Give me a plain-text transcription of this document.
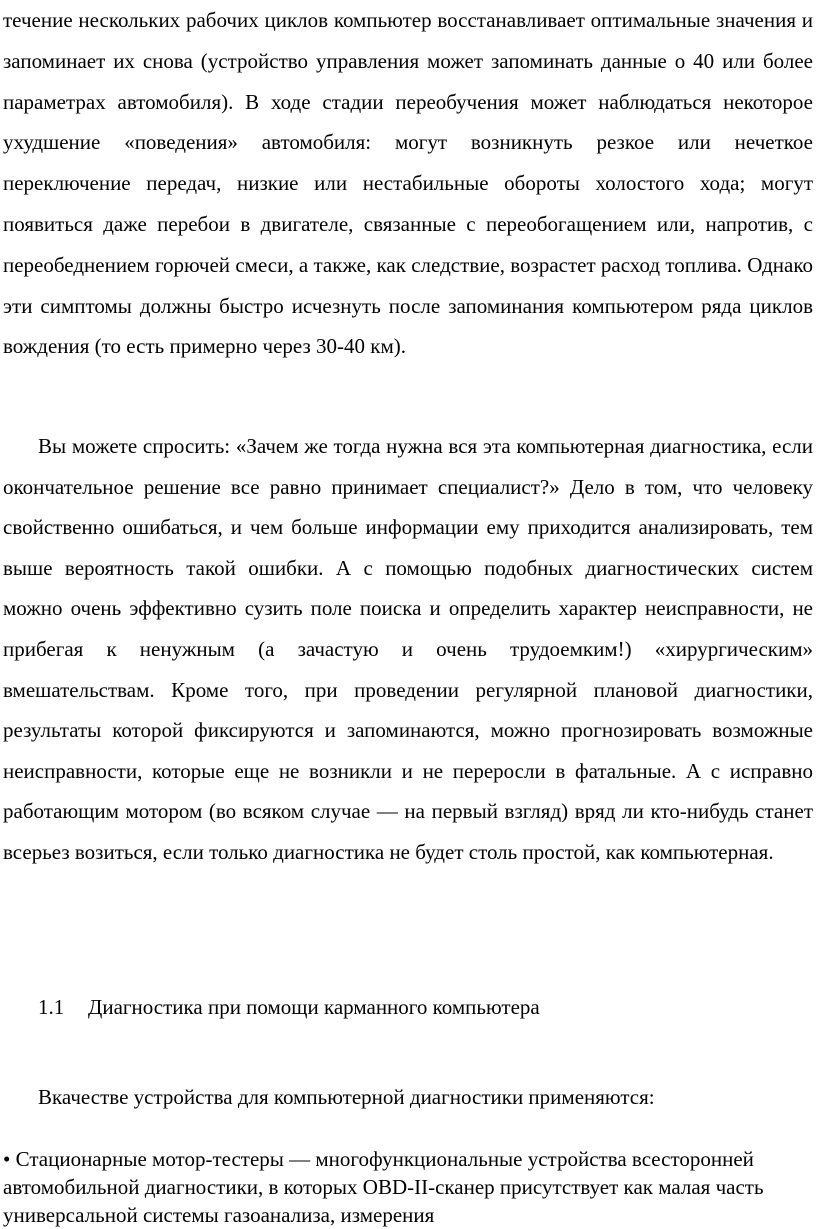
течение нескольких рабочих циклов компьютер восстанавливает оптимальные значения и запоминает их снова (устройство управления может запоминать данные о 40 или более параметрах автомобиля). В ходе стадии переобучения может наблюдаться некоторое ухудшение «поведения» автомобиля: могут возникнуть резкое или нечеткое переключение передач, низкие или нестабильные обороты холостого хода; могут появиться даже перебои в двигателе, связанные с переобогащением или, напротив, с переобеднением горючей смеси, а также, как следствие, возрастет расход топлива. Однако эти симптомы должны быстро исчезнуть после запоминания компьютером ряда циклов вождения (то есть примерно через 30-40 км).

Вы можете спросить: «Зачем же тогда нужна вся эта компьютерная диагностика, если окончательное решение все равно принимает специалист?» Дело в том, что человеку свойственно ошибаться, и чем больше информации ему приходится анализировать, тем выше вероятность такой ошибки. А с помощью подобных диагностических систем можно очень эффективно сузить поле поиска и определить характер неисправности, не прибегая к ненужным (а зачастую и очень трудоемким!) «хирургическим» вмешательствам. Кроме того, при проведении регулярной плановой диагностики, результаты которой фиксируются и запоминаются, можно прогнозировать возможные неисправности, которые еще не возникли и не переросли в фатальные. А с исправно работающим мотором (во всяком случае — на первый взгляд) вряд ли кто-нибудь станет всерьез возиться, если только диагностика не будет столь простой, как компьютерная.

1.1 Диагностика при помощи карманного компьютера

Вкачестве устройства для компьютерной диагностики применяются:

• Стационарные мотор-тестеры — многофункциональные устройства всесторонней автомобильной диагностики, в которых OBD-II-сканер присутствует как малая часть универсальной системы газоанализа, измерения
